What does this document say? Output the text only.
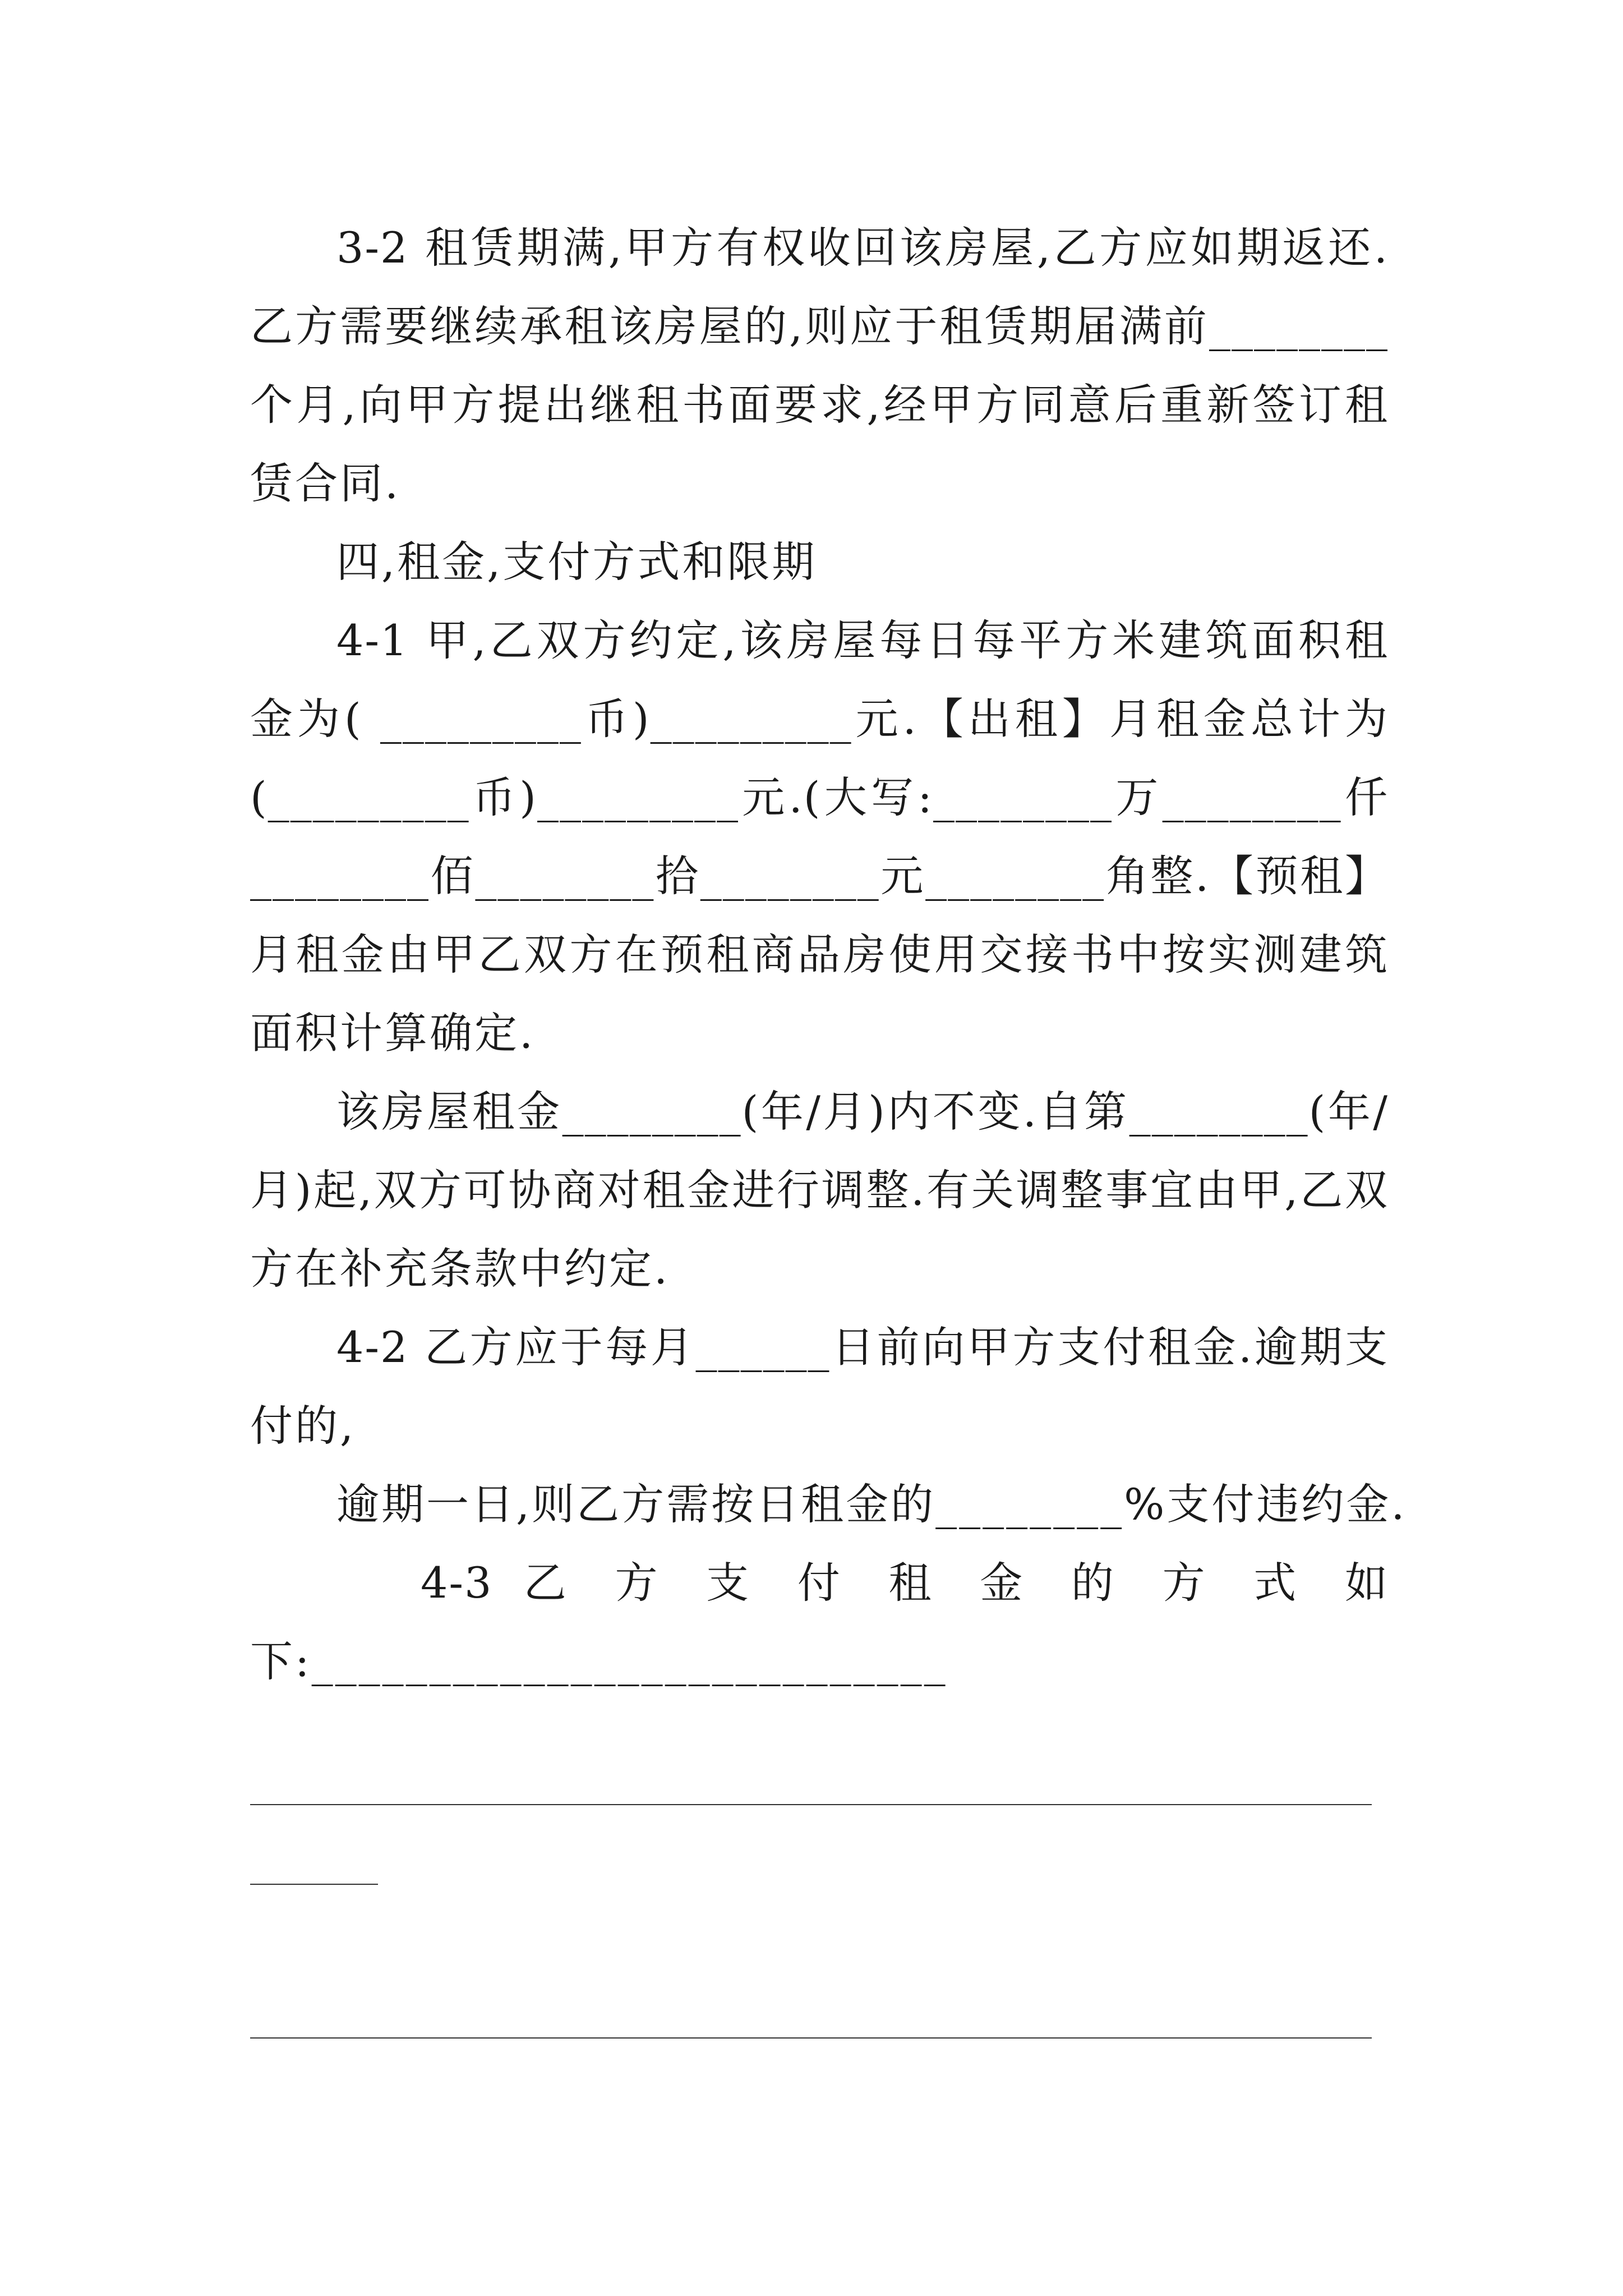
3-2 租赁期满,甲方有权收回该房屋,乙方应如期返还.
乙方需要继续承租该房屋的,则应于租赁期届满前________
个月,向甲方提出继租书面要求,经甲方同意后重新签订租
赁合同.
四,租金,支付方式和限期
4-1 甲,乙双方约定,该房屋每日每平方米建筑面积租
金为( _________币)_________元.【出租】月租金总计为
(_________币)_________元.(大写:________万________仟
________佰________拾________元________角整.【预租】
月租金由甲乙双方在预租商品房使用交接书中按实测建筑
面积计算确定.
该房屋租金________(年/月)内不变.自第________(年/
月)起,双方可协商对租金进行调整.有关调整事宜由甲,乙双
方在补充条款中约定.
4-2 乙方应于每月______日前向甲方支付租金.逾期支
付的,
逾期一日,则乙方需按日租金的________%支付违约金.
4-3 乙 方 支 付 租 金 的 方 式 如
下:___________________________
